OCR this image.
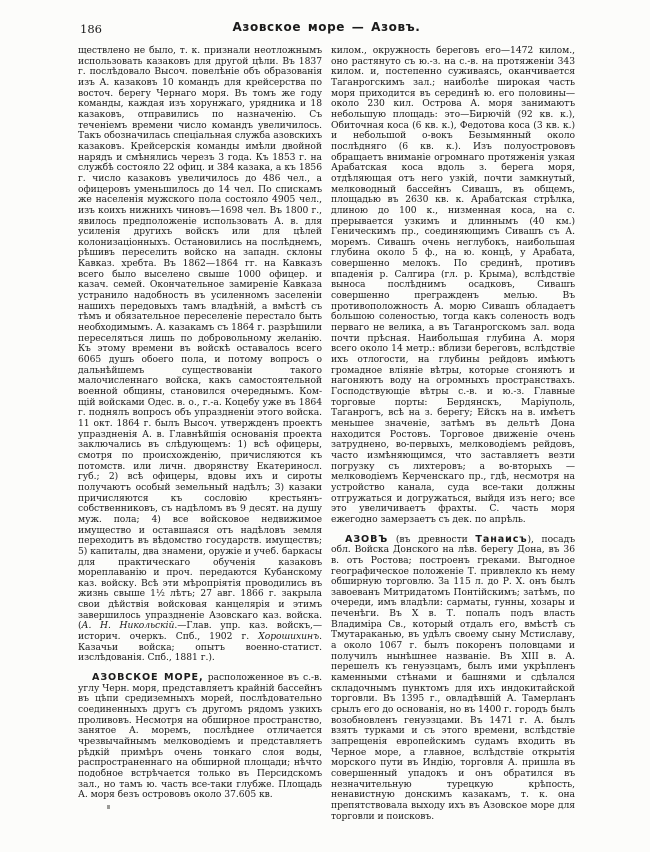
186	Азовское море — Азовъ.

ществлено не было, т. к. признали неотложнымъ использовать казаковъ для другой цѣли. Въ 1837 г. послѣдовало Высоч. повелѣніе объ образованія изъ А. казаковъ 10 командъ для крейсерства по восточ. берегу Чернаго моря. Въ томъ же году команды, каждая изъ хорунжаго, урядника и 18 казаковъ, отправились по назначенію. Съ теченіемъ времени число командъ увеличилось. Такъ обозначилась спеціальная служба азовскихъ казаковъ. Крейсерскія команды имѣли двойной нарядъ и смѣнялись черезъ 3 года. Къ 1853 г. на службѣ состояло 22 офиц. и 384 казака, а къ 1856 г. число казаковъ увеличилось до 486 чел., а офицеровъ уменьшилось до 14 чел. По спискамъ же населенія мужского пола состояло 4905 чел., изъ коихъ нижнихъ чиновъ—1698 чел. Въ 1800 г., явилось предположеніе использовать А. в. для усиленія другихъ войскъ или для цѣлей колонизаціонныхъ. Остановились на послѣднемъ, рѣшивъ переселить войско на западн. склоны Кавказ. хребта. Въ 1862—1864 гг. на Кавказъ всего было выселено свыше 1000 офицер. и казач. семей. Окончательное замиреніе Кавказа устранило надобность въ усиленномъ заселеніи нашихъ передовыхъ тамъ владѣній, а вмѣстѣ съ тѣмъ и обязательное переселеніе перестало быть необходимымъ. А. казакамъ съ 1864 г. разрѣшили переселяться лишь по добровольному желанію. Къ этому времени въ войскѣ оставалось всего 6065 душъ обоего пола, и потому вопросъ о дальнѣйшемъ существованіи такого малочисленнаго войска, какъ самостоятельной военной общины, становился очереднымъ. Ком-щій войсками Одес. в. о., г.-а. Коцебу уже въ 1864 г. поднялъ вопросъ объ упраздненіи этого войска. 11 окт. 1864 г. былъ Высоч. утвержденъ проектъ упраздненія А. в. Главнѣйшія основанія проекта заключались въ слѣдующемъ: 1) всѣ офицеры, смотря по происхожденію, причисляются къ потомств. или личн. дворянству Екатериносл. губ.; 2) всѣ офицеры, вдовы ихъ и сироты получаютъ особый земельный надѣлъ; 3) казаки причисляются къ сословію крестьянъ-собственниковъ, съ надѣломъ въ 9 десят. на душу муж. пола; 4) все войсковое недвижимое имущество и оставшаяся отъ надѣловъ земля переходитъ въ вѣдомство государств. имуществъ; 5) капиталы, два знамени, оружіе и учеб. баркасы для практическаго обученія казаковъ мореплаванію и проч. передаются Кубанскому каз. войску. Всѣ эти мѣропріятія проводились въ жизнь свыше 1½ лѣтъ; 27 авг. 1866 г. закрыла свои дѣйствія войсковая канцелярія и этимъ завершилось упраздненіе Азовскаго каз. войска. (А. Н. Никольскій.—Глав. упр. каз. войскъ,—историч. очеркъ. Спб., 1902 г. Хорошихинъ. Казачьи войска; опытъ военно-статист. изслѣдованія. Спб., 1881 г.).

АЗОВСКОЕ МОРЕ, расположенное въ с.-в. углу Черн. моря, представляетъ крайній бассейнъ въ цѣпи средиземныхъ морей, послѣдовательно соединенныхъ другъ съ другомъ рядомъ узкихъ проливовъ. Несмотря на обширное пространство, занятое А. моремъ, послѣднее отличается чрезвычайнымъ мелководіемъ и представляетъ рѣдкій примѣръ очень тонкаго слоя воды, распространеннаго на обширной площади; нѣчто подобное встрѣчается только въ Персидскомъ зал., но тамъ ю. часть все-таки глубже. Площадь А. моря безъ острововъ около 37.605 кв.

килом., окружность береговъ его—1472 килом., оно растянуто съ ю.-з. на с.-в. на протяженіи 343 килом. и, постепенно суживаясь, оканчивается Таганрогскимъ зал.; наиболѣе широкая часть моря приходится въ серединѣ ю. его половины—около 230 кил. Острова А. моря занимаютъ небольшую площадь: это—Бирючій (92 кв. к.), Обиточная коса (6 кв. к.), Федотова коса (3 кв. к.) и небольшой о-вокъ Безымянный около послѣдняго (6 кв. к.). Изъ полуострововъ обращаетъ вниманіе огромнаго протяженія узкая Арабатская коса вдоль з. берега моря, отдѣляющая отъ него узкій, почти замкнутый, мелководный бассейнъ Сивашъ, въ общемъ, площадью въ 2630 кв. к. Арабатская стрѣлка, длиною до 100 к., низменная коса, на с. прерывается узкимъ и длиннымъ (40 км.) Геническимъ пр., соединяющимъ Сивашъ съ А. моремъ. Сивашъ очень неглубокъ, наибольшая глубина около 5 ф., на ю. концѣ, у Арабата, совершенно мелокъ. По срединѣ, противъ впаденія р. Салгира (гл. р. Крыма), вслѣдствіе выноса послѣднимъ осадковъ, Сивашъ совершенно прегражденъ мелью. Въ противоположность А. морю Сивашъ обладаетъ большою соленостью, тогда какъ соленость водъ перваго не велика, а въ Таганрогскомъ зал. вода почти прѣсная. Наибольшая глубина А. моря всего около 14 метр.: вблизи береговъ, вслѣдствіе ихъ отлогости, на глубины рейдовъ имѣютъ громадное вліяніе вѣтры, которые сгоняютъ и нагоняютъ воду на огромныхъ пространствахъ. Господствующіе вѣтры с.-в. и ю.-з. Главные торговые порты: Бердянскъ, Маріуполь, Таганрогъ, всѣ на з. берегу; Ейскъ на в. имѣетъ меньшее значеніе, затѣмъ въ дельтѣ Дона находится Ростовъ. Торговое движеніе очень затруднено, во-первыхъ, мелководіемъ рейдовъ, часто измѣняющимся, что заставляетъ везти погрузку съ лихтеровъ; а во-вторыхъ — мелководіемъ Керченскаго пр., гдѣ, несмотря на устройство канала, суда все-таки должны отгружаться и догружаться, выйдя изъ него; все это увеличиваетъ фрахты. С. часть моря ежегодно замерзаетъ съ дек. по апрѣль.

АЗОВЪ (въ древности Танаисъ), посадъ обл. Войска Донского на лѣв. берегу Дона, въ 36 в. отъ Ростова; построенъ греками. Выгодное географическое положеніе Т. привлекло къ нему обширную торговлю. За 115 л. до Р. Х. онъ былъ завоеванъ Митридатомъ Понтійскимъ; затѣмъ, по очереди, имъ владѣли: сарматы, гунны, хозары и печенѣги. Въ X в. Т. попалъ подъ власть Владиміра Св., который отдалъ его, вмѣстѣ съ Тмутараканью, въ удѣлъ своему сыну Мстиславу, а около 1067 г. былъ покоренъ половцами и получилъ нынѣшнее названіе. Въ XIII в. А. перешелъ къ генуэзцамъ, былъ ими укрѣпленъ каменными стѣнами и башнями и сдѣлался складочнымъ пунктомъ для ихъ индокитайской торговли. Въ 1395 г., овладѣвшій А. Тамерланъ срылъ его до основанія, но въ 1400 г. городъ былъ возобновленъ генуэзцами. Въ 1471 г. А. былъ взятъ турками и съ этого времени, вслѣдствіе запрещенія европейскимъ судамъ входить въ Черное море, а главное, вслѣдствіе открытія морского пути въ Индію, торговля А. пришла въ совершенный упадокъ и онъ обратился въ незначительную турецкую крѣпость, ненавистную донскимъ казакамъ, т. к. она препятствовала выходу ихъ въ Азовское море для торговли и поисковъ.
